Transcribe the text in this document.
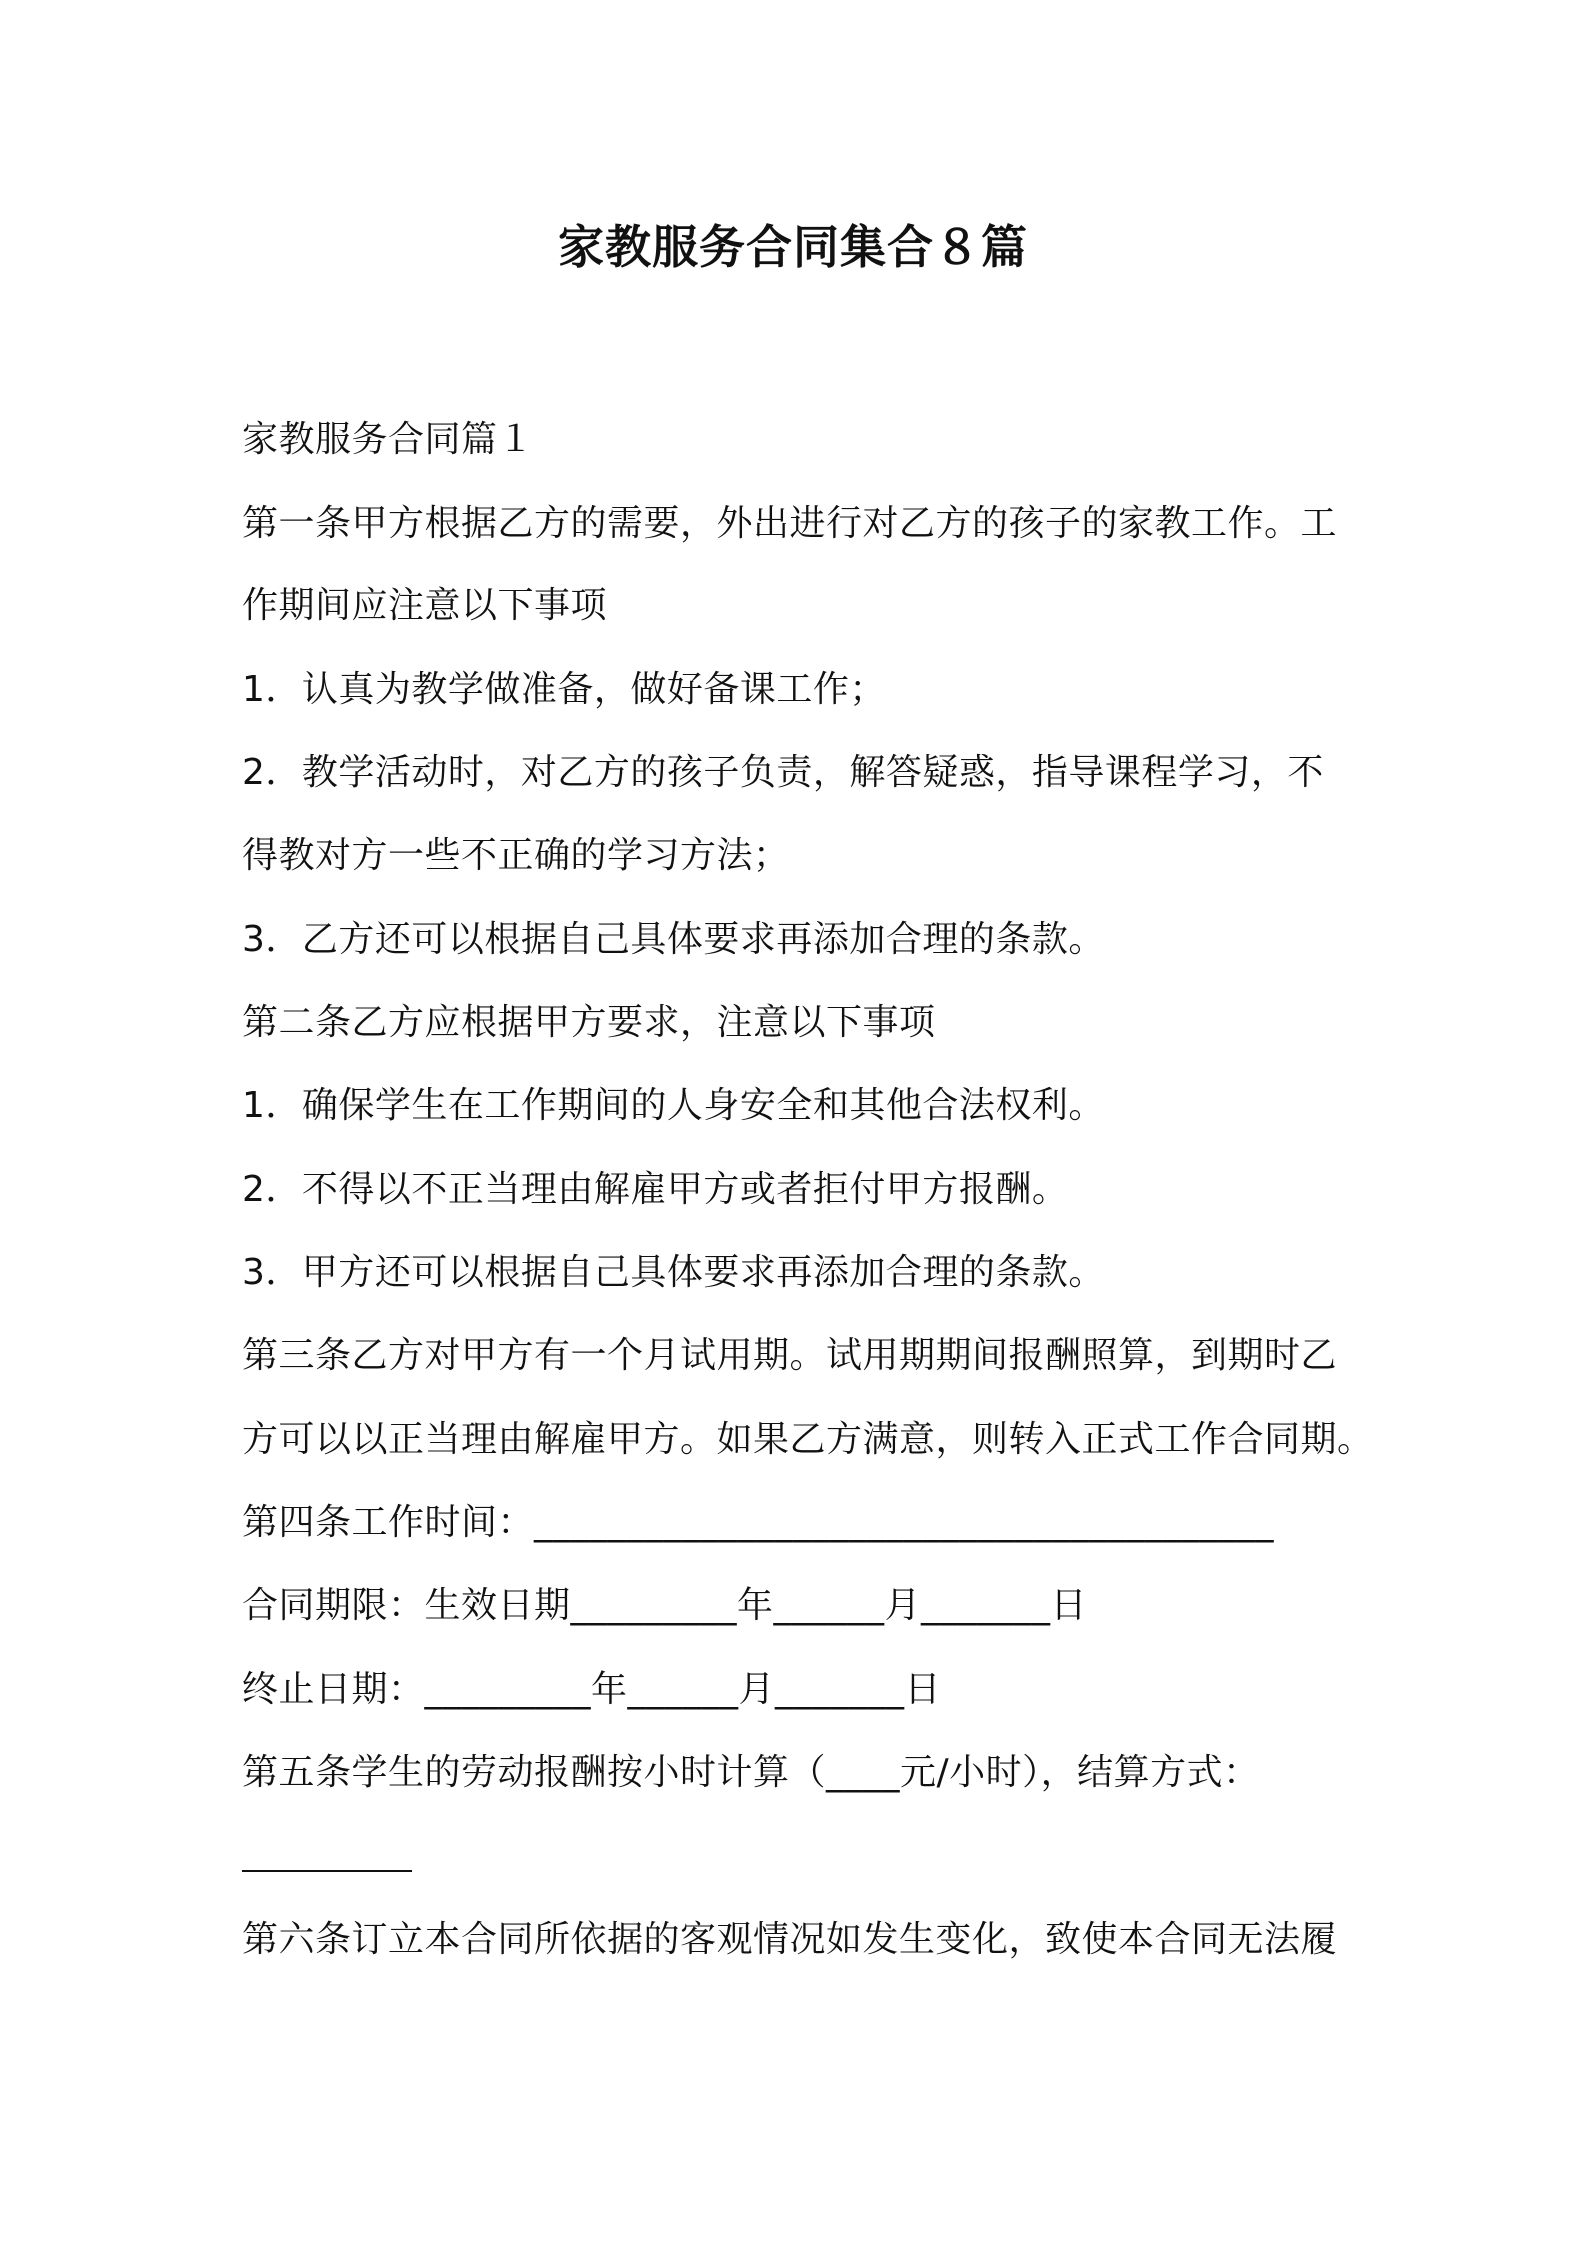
家教服务合同集合８篇
家教服务合同篇１
第一条甲方根据乙方的需要，外出进行对乙方的孩子的家教工作。工
作期间应注意以下事项
1．认真为教学做准备，做好备课工作；
2．教学活动时，对乙方的孩子负责，解答疑惑，指导课程学习，不
得教对方一些不正确的学习方法；
3．乙方还可以根据自己具体要求再添加合理的条款。
第二条乙方应根据甲方要求，注意以下事项
1．确保学生在工作期间的人身安全和其他合法权利。
2．不得以不正当理由解雇甲方或者拒付甲方报酬。
3．甲方还可以根据自己具体要求再添加合理的条款。
第三条乙方对甲方有一个月试用期。试用期期间报酬照算，到期时乙
方可以以正当理由解雇甲方。如果乙方满意，则转入正式工作合同期。
第四条工作时间：________________________________________
合同期限：生效日期_________年______月_______日
终止日期：_________年______月_______日
第五条学生的劳动报酬按小时计算（____元/小时），结算方式：
第六条订立本合同所依据的客观情况如发生变化，致使本合同无法履
